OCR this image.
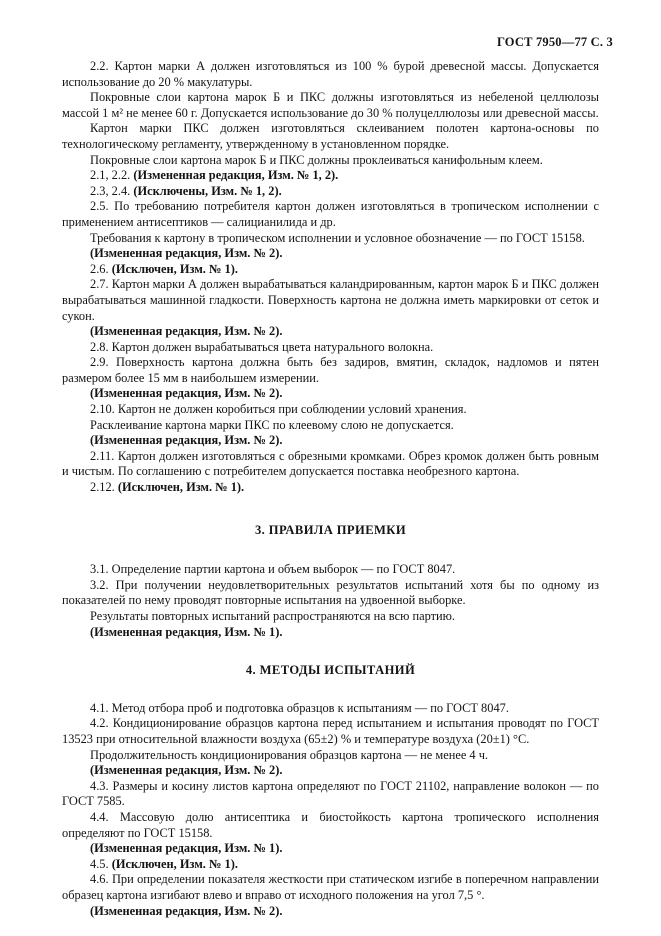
ГОСТ 7950—77 С. 3

2.2. Картон марки А должен изготовляться из 100 % бурой древесной массы. Допускается использование до 20 % макулатуры.

Покровные слои картона марок Б и ПКС должны изготовляться из небеленой целлюлозы массой 1 м² не менее 60 г. Допускается использование до 30 % полуцеллюлозы или древесной массы.

Картон марки ПКС должен изготовляться склеиванием полотен картона-основы по технологическому регламенту, утвержденному в установленном порядке.

Покровные слои картона марок Б и ПКС должны проклеиваться канифольным клеем.

2.1, 2.2. (Измененная редакция, Изм. № 1, 2).

2.3, 2.4. (Исключены, Изм. № 1, 2).

2.5. По требованию потребителя картон должен изготовляться в тропическом исполнении с применением антисептиков — салицианилида и др.

Требования к картону в тропическом исполнении и условное обозначение — по ГОСТ 15158.

(Измененная редакция, Изм. № 2).

2.6. (Исключен, Изм. № 1).

2.7. Картон марки А должен вырабатываться каландрированным, картон марок Б и ПКС должен вырабатываться машинной гладкости. Поверхность картона не должна иметь маркировки от сеток и сукон.

(Измененная редакция, Изм. № 2).

2.8. Картон должен вырабатываться цвета натурального волокна.

2.9. Поверхность картона должна быть без задиров, вмятин, складок, надломов и пятен размером более 15 мм в наибольшем измерении.

(Измененная редакция, Изм. № 2).

2.10. Картон не должен коробиться при соблюдении условий хранения.

Расклеивание картона марки ПКС по клеевому слою не допускается.

(Измененная редакция, Изм. № 2).

2.11. Картон должен изготовляться с обрезными кромками. Обрез кромок должен быть ровным и чистым. По соглашению с потребителем допускается поставка необрезного картона.

2.12. (Исключен, Изм. № 1).

3. ПРАВИЛА ПРИЕМКИ

3.1. Определение партии картона и объем выборок — по ГОСТ 8047.

3.2. При получении неудовлетворительных результатов испытаний хотя бы по одному из показателей по нему проводят повторные испытания на удвоенной выборке.

Результаты повторных испытаний распространяются на всю партию.

(Измененная редакция, Изм. № 1).

4. МЕТОДЫ ИСПЫТАНИЙ

4.1. Метод отбора проб и подготовка образцов к испытаниям — по ГОСТ 8047.

4.2. Кондиционирование образцов картона перед испытанием и испытания проводят по ГОСТ 13523 при относительной влажности воздуха (65±2) % и температуре воздуха (20±1) °С.

Продолжительность кондиционирования образцов картона — не менее 4 ч.

(Измененная редакция, Изм. № 2).

4.3. Размеры и косину листов картона определяют по ГОСТ 21102, направление волокон — по ГОСТ 7585.

4.4. Массовую долю антисептика и биостойкость картона тропического исполнения определяют по ГОСТ 15158.

(Измененная редакция, Изм. № 1).

4.5. (Исключен, Изм. № 1).

4.6. При определении показателя жесткости при статическом изгибе в поперечном направлении образец картона изгибают влево и вправо от исходного положения на угол 7,5 °.

(Измененная редакция, Изм. № 2).
